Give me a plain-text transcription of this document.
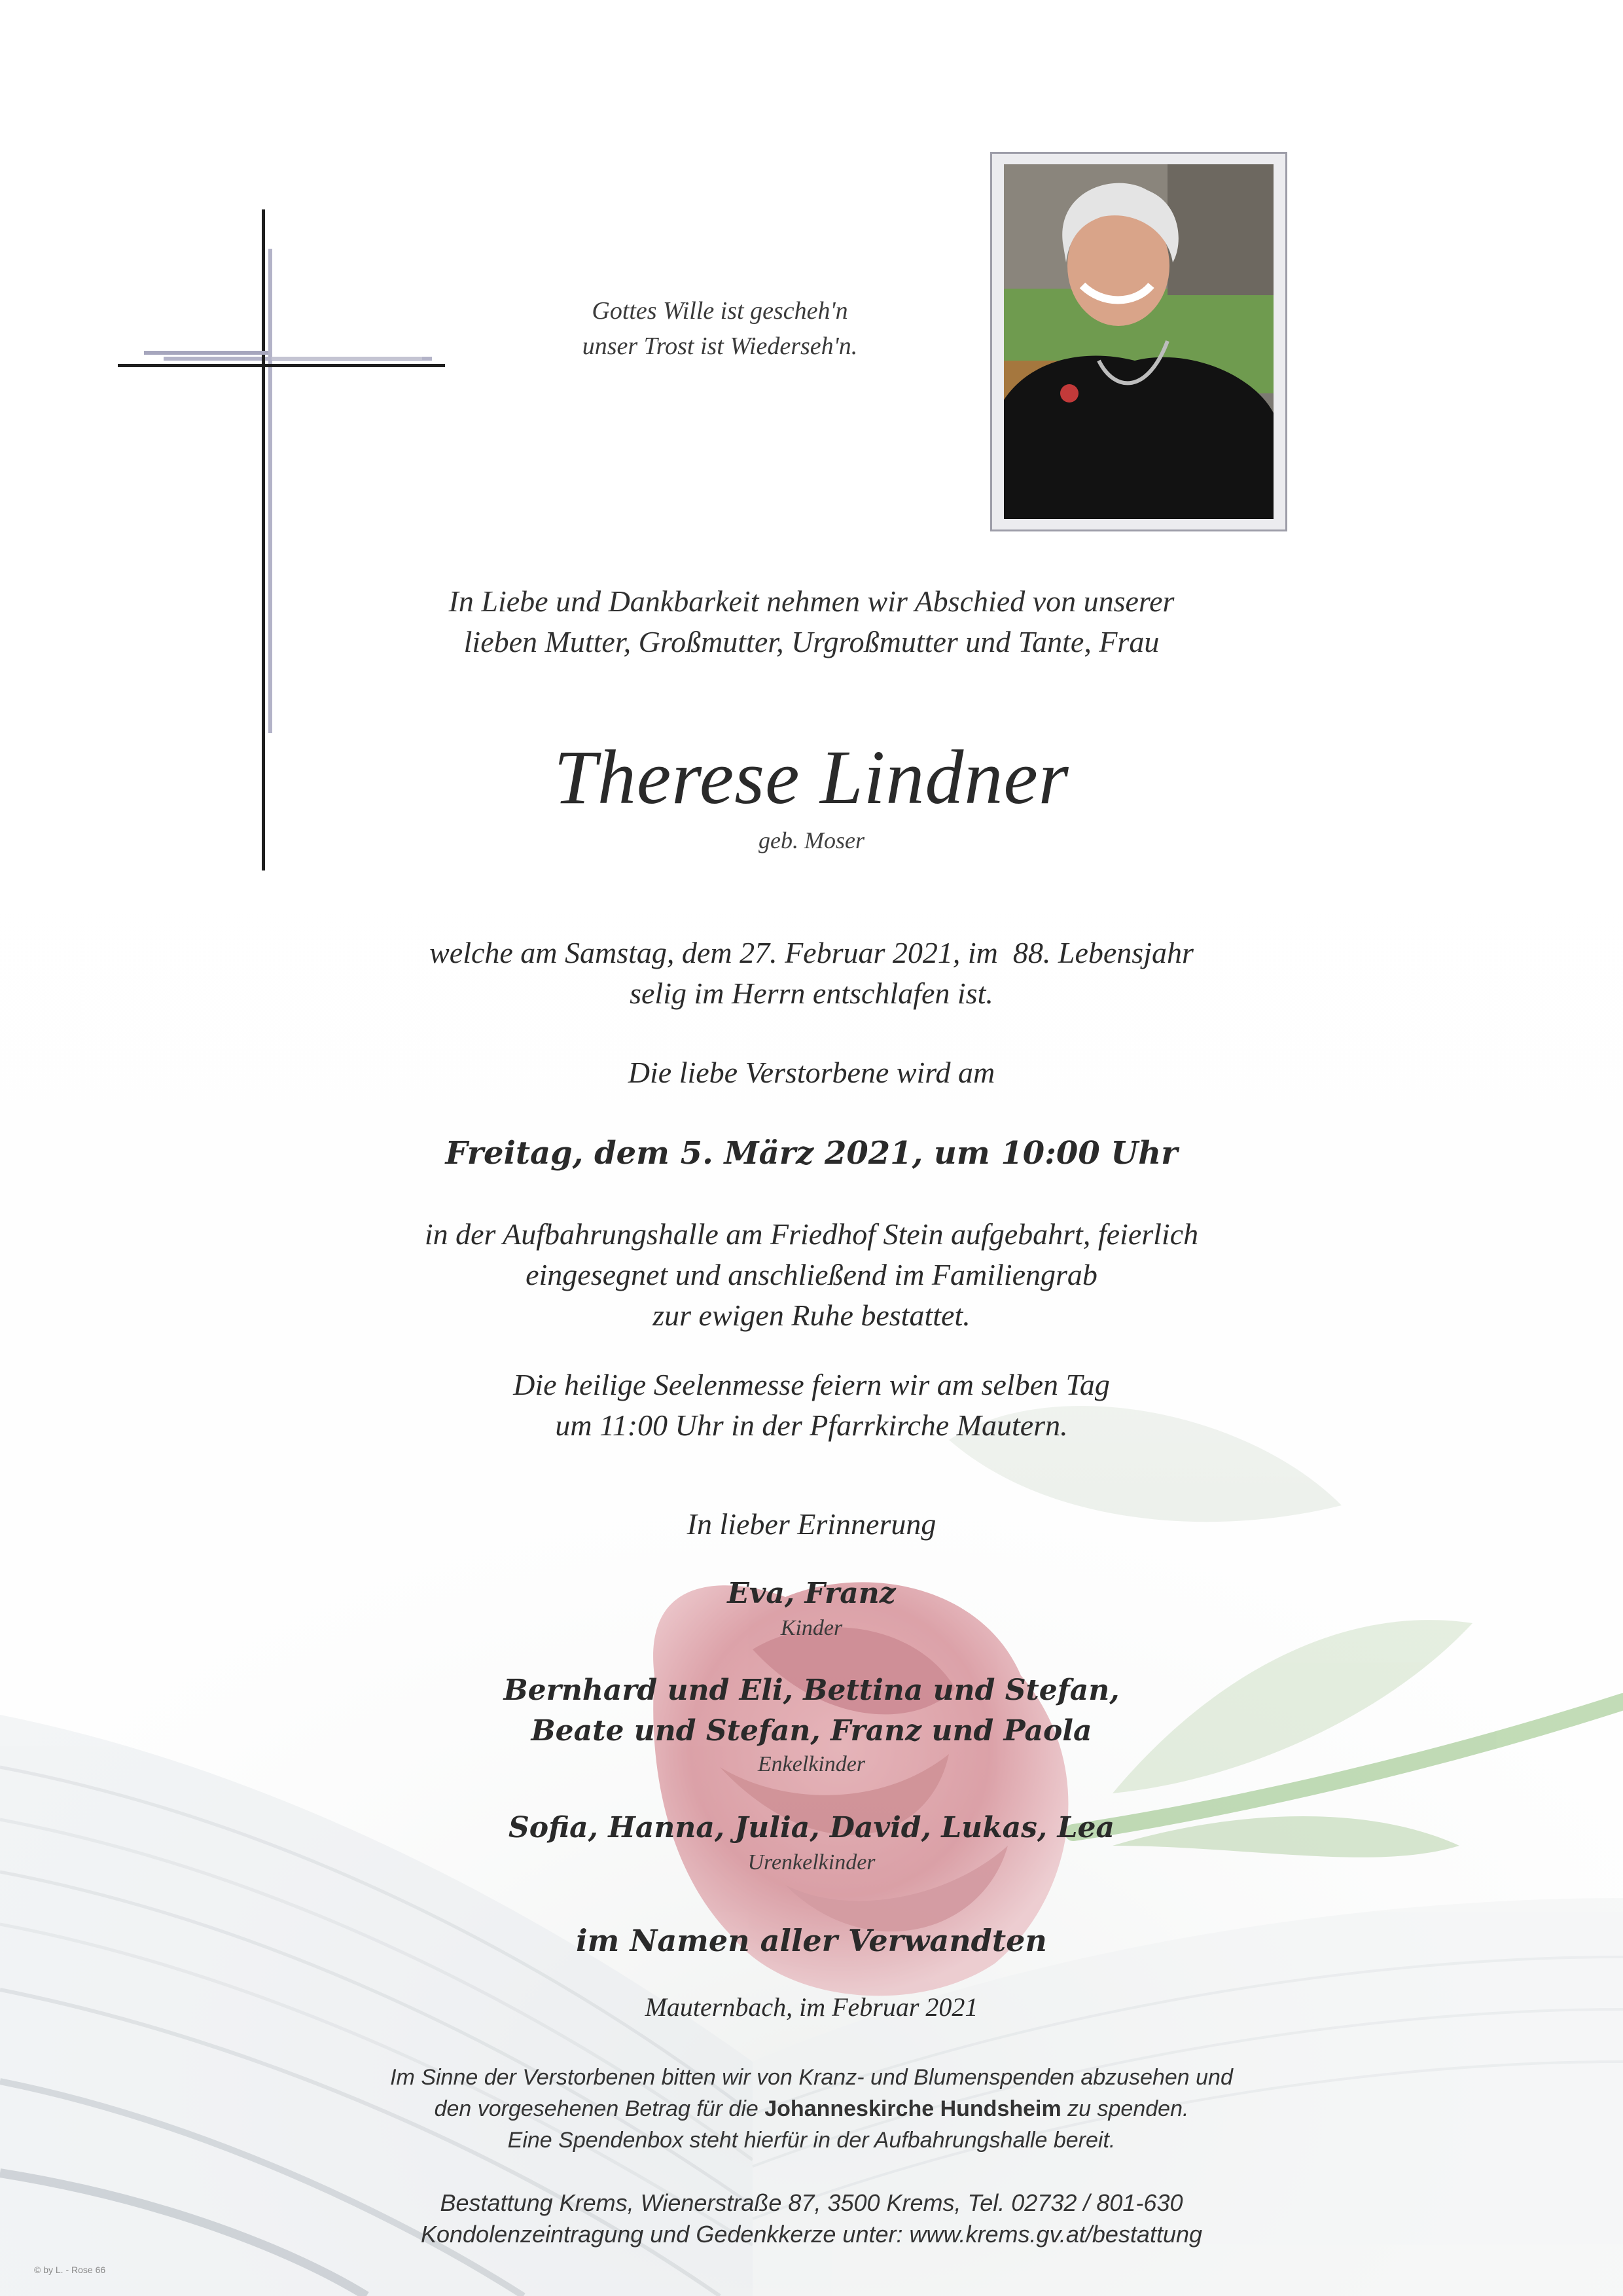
Gottes Wille ist gescheh'n
unser Trost ist Wiederseh'n.
In Liebe und Dankbarkeit nehmen wir Abschied von unserer
lieben Mutter, Großmutter, Urgroßmutter und Tante, Frau
Therese Lindner
geb. Moser
welche am Samstag, dem 27. Februar 2021, im  88. Lebensjahr
selig im Herrn entschlafen ist.
Die liebe Verstorbene wird am
Freitag, dem 5. März 2021, um 10:00 Uhr
in der Aufbahrungshalle am Friedhof Stein aufgebahrt, feierlich
eingesegnet und anschließend im Familiengrab
zur ewigen Ruhe bestattet.
Die heilige Seelenmesse feiern wir am selben Tag
um 11:00 Uhr in der Pfarrkirche Mautern.
In lieber Erinnerung
Eva, Franz
Kinder
Bernhard und Eli, Bettina und Stefan,
Beate und Stefan, Franz und Paola
Enkelkinder
Sofia, Hanna, Julia, David, Lukas, Lea
Urenkelkinder
im Namen aller Verwandten
Mauternbach, im Februar 2021
Im Sinne der Verstorbenen bitten wir von Kranz- und Blumenspenden abzusehen und
den vorgesehenen Betrag für die Johanneskirche Hundsheim zu spenden.
Eine Spendenbox steht hierfür in der Aufbahrungshalle bereit.
Bestattung Krems, Wienerstraße 87, 3500 Krems, Tel. 02732 / 801-630
Kondolenzeintragung und Gedenkkerze unter: www.krems.gv.at/bestattung
© by L. - Rose 66
